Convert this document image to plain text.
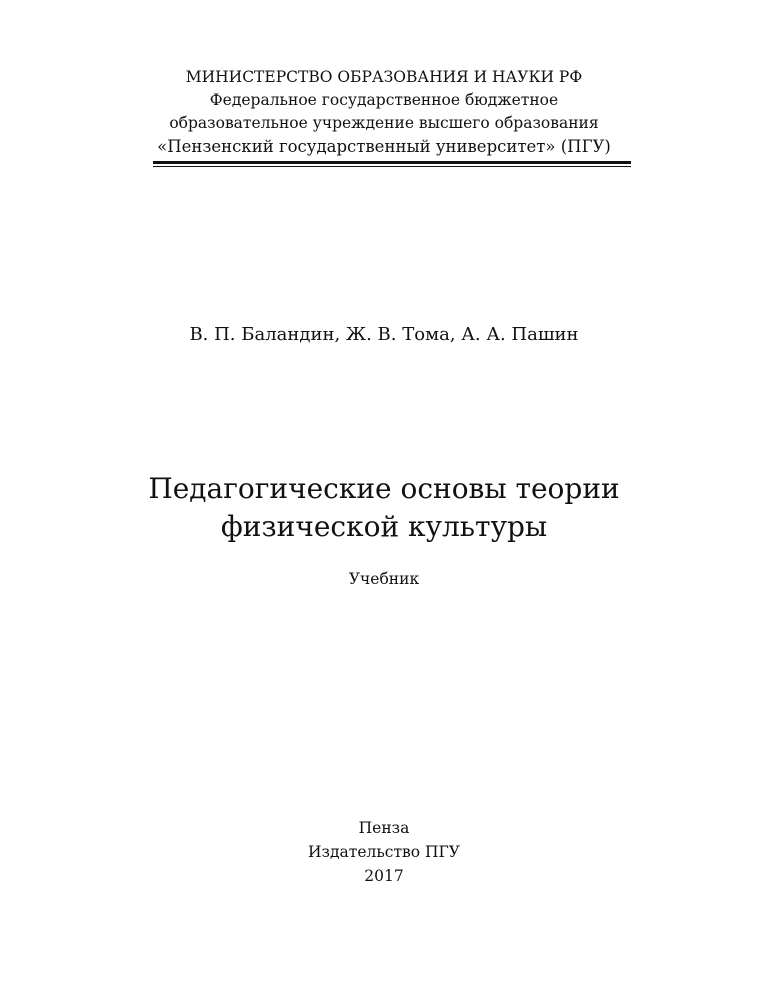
МИНИСТЕРСТВО ОБРАЗОВАНИЯ И НАУКИ РФ
Федеральное государственное бюджетное
образовательное учреждение высшего образования
«Пензенский государственный университет» (ПГУ)
В. П. Баландин, Ж. В. Тома, А. А. Пашин
Педагогические основы теории
физической культуры
Учебник
Пенза
Издательство ПГУ
2017
